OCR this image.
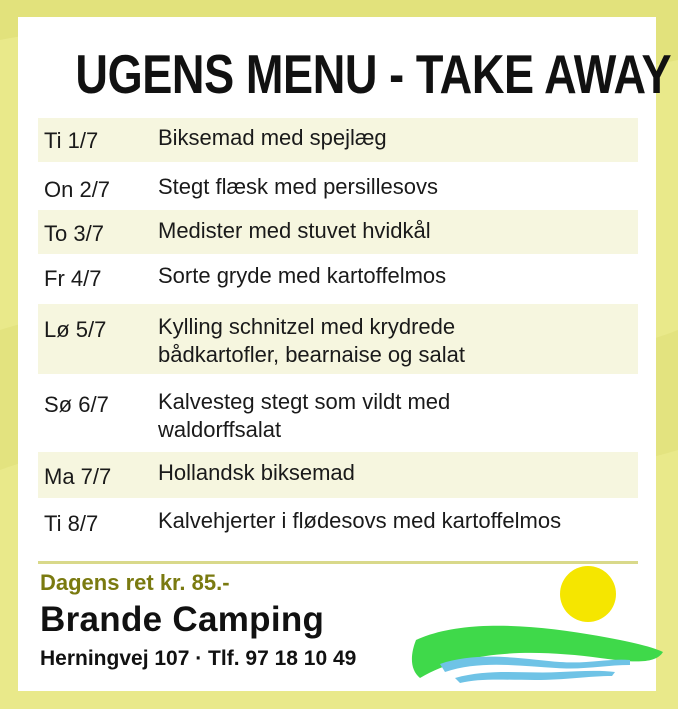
UGENS MENU - TAKE AWAY
Ti 1/7	Biksemad med spejlæg
On 2/7 Stegt flæsk med persillesovs
To 3/7 Medister med stuvet hvidkål
Fr 4/7	Sorte gryde med kartoffelmos
Lø 5/7 Kylling schnitzel med krydrede bådkartofler, bearnaise og salat
Sø 6/7 Kalvesteg stegt som vildt med waldorffsalat
Ma 7/7 Hollandsk biksemad
Ti 8/7	Kalvehjerter i flødesovs med kartoffelmos
Dagens ret kr. 85.-
Brande Camping
Herningvej 107 · Tlf. 97 18 10 49
